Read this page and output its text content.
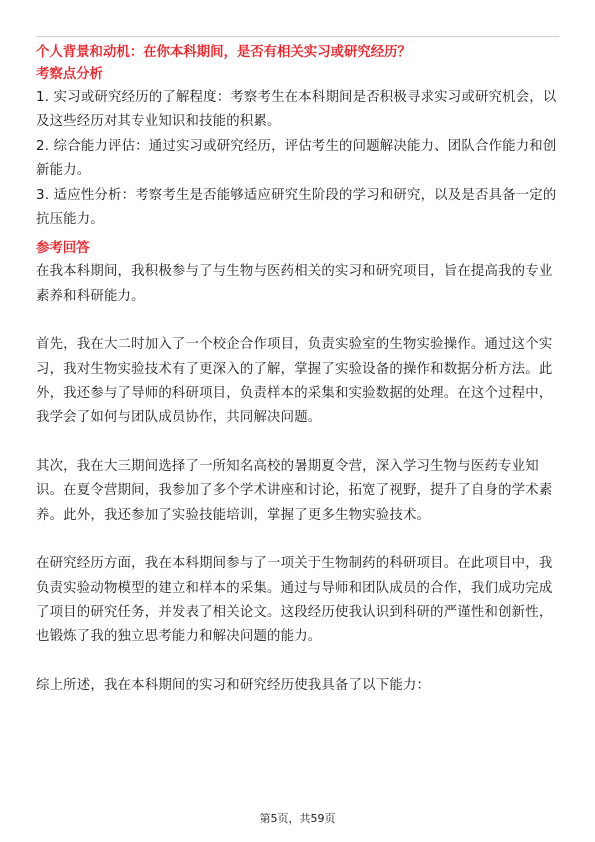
个人背景和动机：在你本科期间，是否有相关实习或研究经历？

考察点分析

1. 实习或研究经历的了解程度：考察考生在本科期间是否积极寻求实习或研究机会，以及这些经历对其专业知识和技能的积累。

2. 综合能力评估：通过实习或研究经历，评估考生的问题解决能力、团队合作能力和创新能力。

3. 适应性分析：考察考生是否能够适应研究生阶段的学习和研究，以及是否具备一定的抗压能力。

参考回答

在我本科期间，我积极参与了与生物与医药相关的实习和研究项目，旨在提高我的专业素养和科研能力。

首先，我在大二时加入了一个校企合作项目，负责实验室的生物实验操作。通过这个实习，我对生物实验技术有了更深入的了解，掌握了实验设备的操作和数据分析方法。此外，我还参与了导师的科研项目，负责样本的采集和实验数据的处理。在这个过程中，我学会了如何与团队成员协作，共同解决问题。

其次，我在大三期间选择了一所知名高校的暑期夏令营，深入学习生物与医药专业知识。在夏令营期间，我参加了多个学术讲座和讨论，拓宽了视野，提升了自身的学术素养。此外，我还参加了实验技能培训，掌握了更多生物实验技术。

在研究经历方面，我在本科期间参与了一项关于生物制药的科研项目。在此项目中，我负责实验动物模型的建立和样本的采集。通过与导师和团队成员的合作，我们成功完成了项目的研究任务，并发表了相关论文。这段经历使我认识到科研的严谨性和创新性，也锻炼了我的独立思考能力和解决问题的能力。

综上所述，我在本科期间的实习和研究经历使我具备了以下能力：

第5页，共59页
